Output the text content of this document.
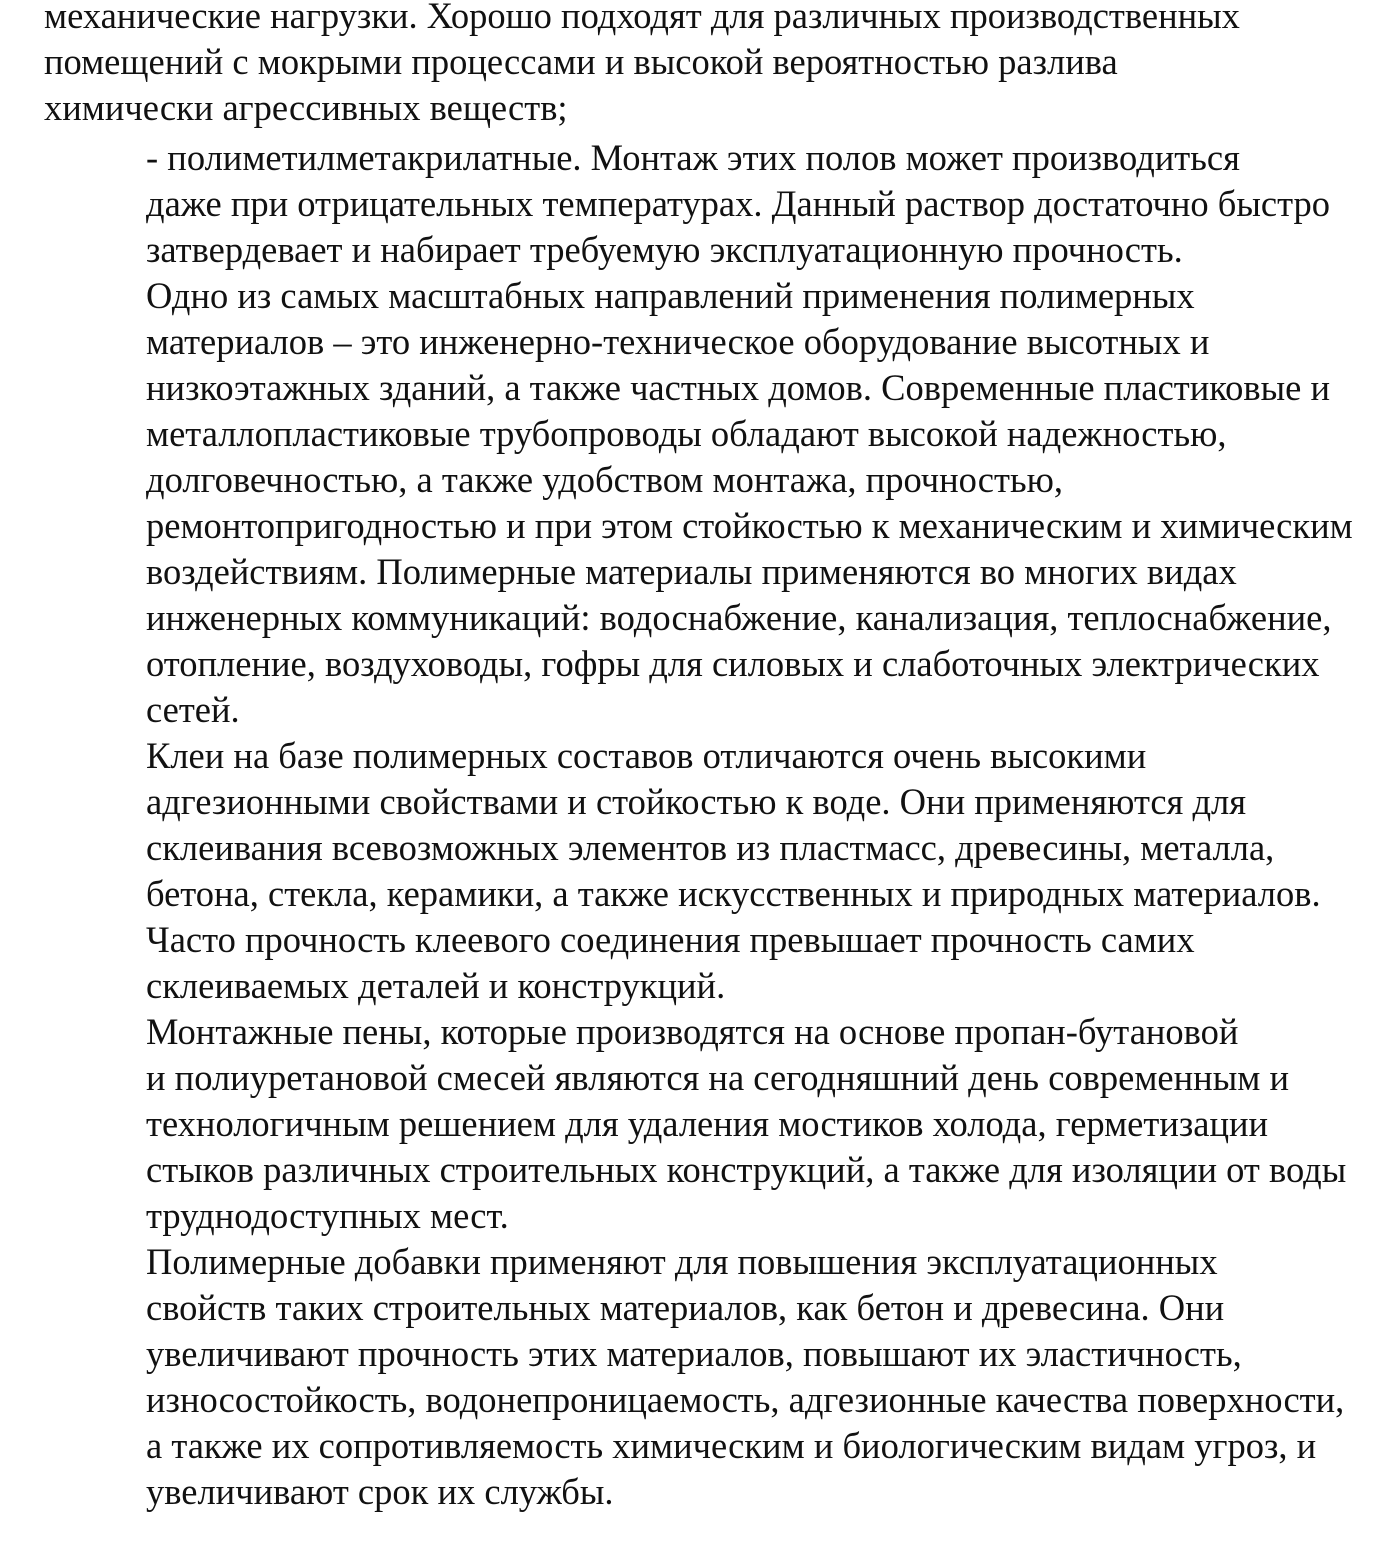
механические нагрузки. Хорошо подходят для различных производственных
помещений с мокрыми процессами и высокой вероятностью разлива
химически агрессивных веществ;

- полиметилметакрилатные. Монтаж этих полов может производиться
даже при отрицательных температурах. Данный раствор достаточно быстро
затвердевает и набирает требуемую эксплуатационную прочность.

Одно из самых масштабных направлений применения полимерных
материалов – это инженерно-техническое оборудование высотных и
низкоэтажных зданий, а также частных домов. Современные пластиковые и
металлопластиковые трубопроводы обладают высокой надежностью,
долговечностью, а также удобством монтажа, прочностью,
ремонтопригодностью и при этом стойкостью к механическим и химическим
воздействиям. Полимерные материалы применяются во многих видах
инженерных коммуникаций: водоснабжение, канализация, теплоснабжение,
отопление, воздуховоды, гофры для силовых и слаботочных электрических
сетей.

Клеи на базе полимерных составов отличаются очень высокими
адгезионными свойствами и стойкостью к воде. Они применяются для
склеивания всевозможных элементов из пластмасс, древесины, металла,
бетона, стекла, керамики, а также искусственных и природных материалов.
Часто прочность клеевого соединения превышает прочность самих
склеиваемых деталей и конструкций.

Монтажные пены, которые производятся на основе пропан-бутановой
и полиуретановой смесей являются на сегодняшний день современным и
технологичным решением для удаления мостиков холода, герметизации
стыков различных строительных конструкций, а также для изоляции от воды
труднодоступных мест.

Полимерные добавки применяют для повышения эксплуатационных
свойств таких строительных материалов, как бетон и древесина. Они
увеличивают прочность этих материалов, повышают их эластичность,
износостойкость, водонепроницаемость, адгезионные качества поверхности,
а также их сопротивляемость химическим и биологическим видам угроз, и
увеличивают срок их службы.
